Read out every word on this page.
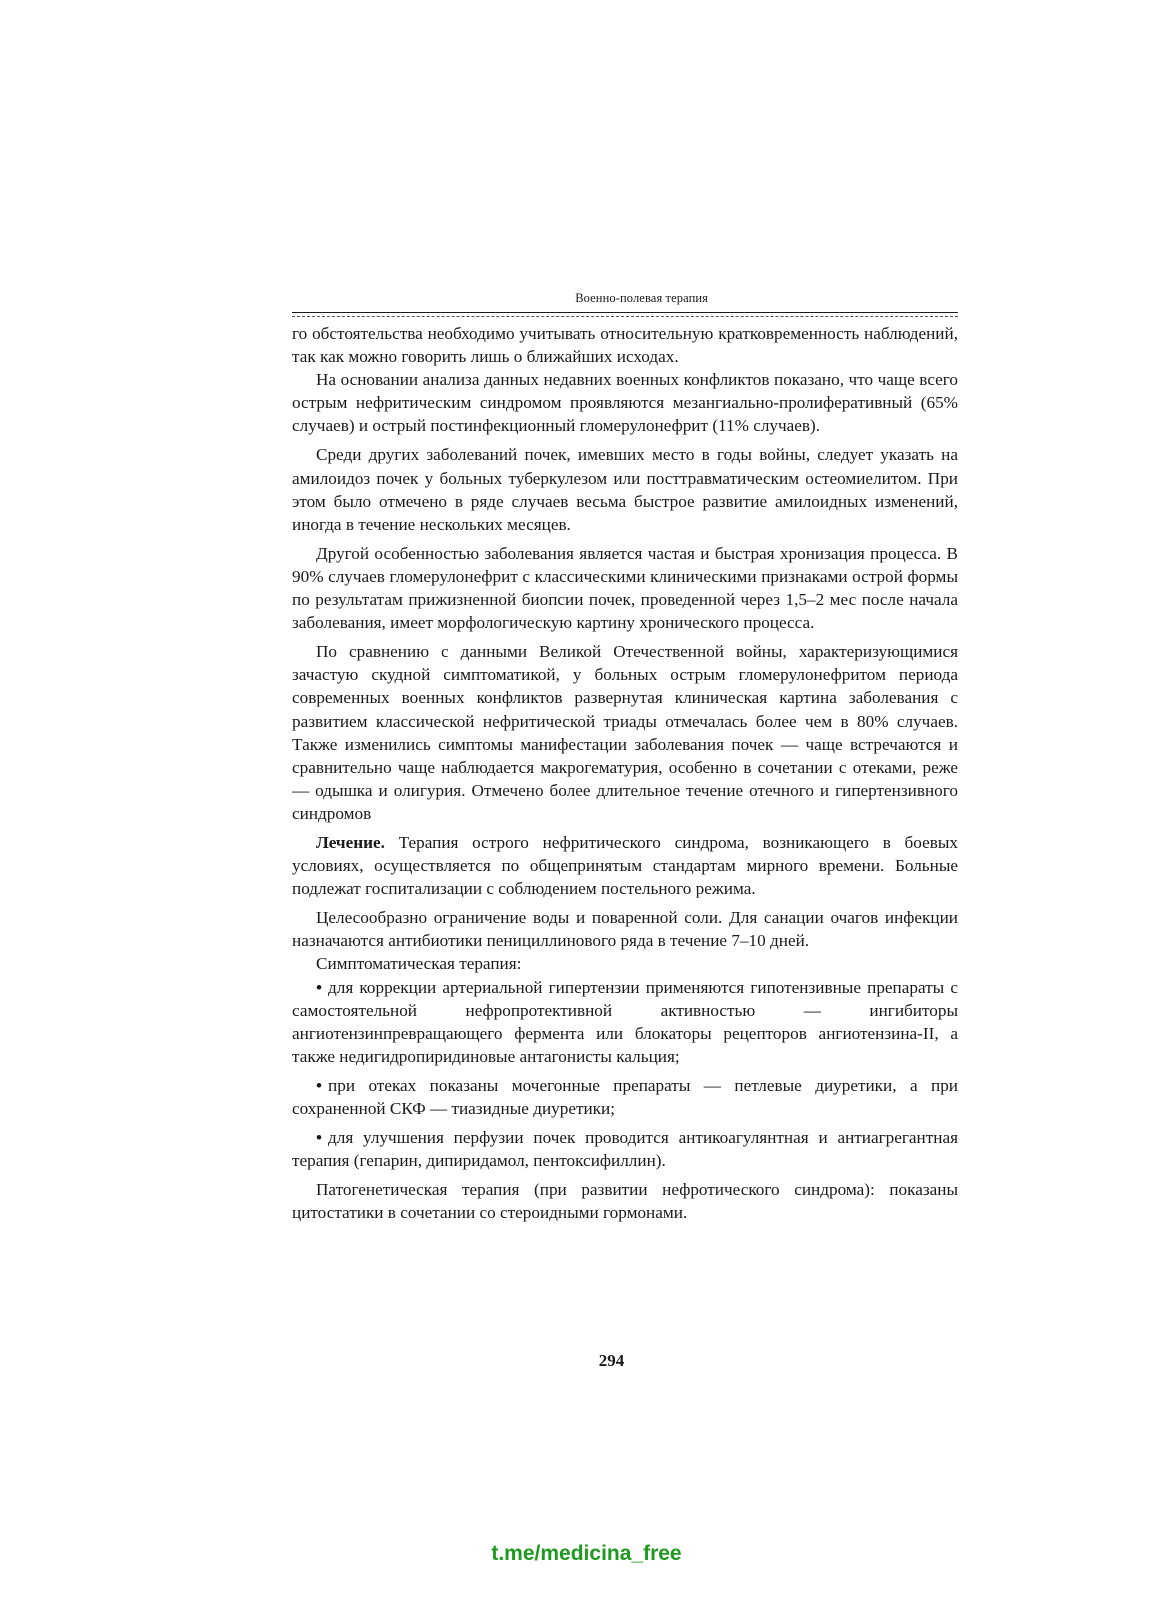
Военно-полевая терапия

го обстоятельства необходимо учитывать относительную кратковременность наблюдений, так как можно говорить лишь о ближайших исходах.

На основании анализа данных недавних военных конфликтов показано, что чаще всего острым нефритическим синдромом проявляются мезангиально-пролиферативный (65% случаев) и острый постинфекционный гломерулонефрит (11% случаев).

Среди других заболеваний почек, имевших место в годы войны, следует указать на амилоидоз почек у больных туберкулезом или посттравматическим остеомиелитом. При этом было отмечено в ряде случаев весьма быстрое развитие амилоидных изменений, иногда в течение нескольких месяцев.

Другой особенностью заболевания является частая и быстрая хронизация процесса. В 90% случаев гломерулонефрит с классическими клиническими признаками острой формы по результатам прижизненной биопсии почек, проведенной через 1,5–2 мес после начала заболевания, имеет морфологическую картину хронического процесса.

По сравнению с данными Великой Отечественной войны, характеризующимися зачастую скудной симптоматикой, у больных острым гломерулонефритом периода современных военных конфликтов развернутая клиническая картина заболевания с развитием классической нефритической триады отмечалась более чем в 80% случаев. Также изменились симптомы манифестации заболевания почек — чаще встречаются и сравнительно чаще наблюдается макрогематурия, особенно в сочетании с отеками, реже — одышка и олигурия. Отмечено более длительное течение отечного и гипертензивного синдромов

Лечение. Терапия острого нефритического синдрома, возникающего в боевых условиях, осуществляется по общепринятым стандартам мирного времени. Больные подлежат госпитализации с соблюдением постельного режима.

Целесообразно ограничение воды и поваренной соли. Для санации очагов инфекции назначаются антибиотики пенициллинового ряда в течение 7–10 дней.

Симптоматическая терапия:

• для коррекции артериальной гипертензии применяются гипотензивные препараты с самостоятельной нефропротективной активностью — ингибиторы ангиотензинпревращающего фермента или блокаторы рецепторов ангиотензина-II, а также недигидропиридиновые антагонисты кальция;

• при отеках показаны мочегонные препараты — петлевые диуретики, а при сохраненной СКФ — тиазидные диуретики;

• для улучшения перфузии почек проводится антикоагулянтная и антиагрегантная терапия (гепарин, дипиридамол, пентоксифиллин).

Патогенетическая терапия (при развитии нефротического синдрома): показаны цитостатики в сочетании со стероидными гормонами.

294
t.me/medicina_free
